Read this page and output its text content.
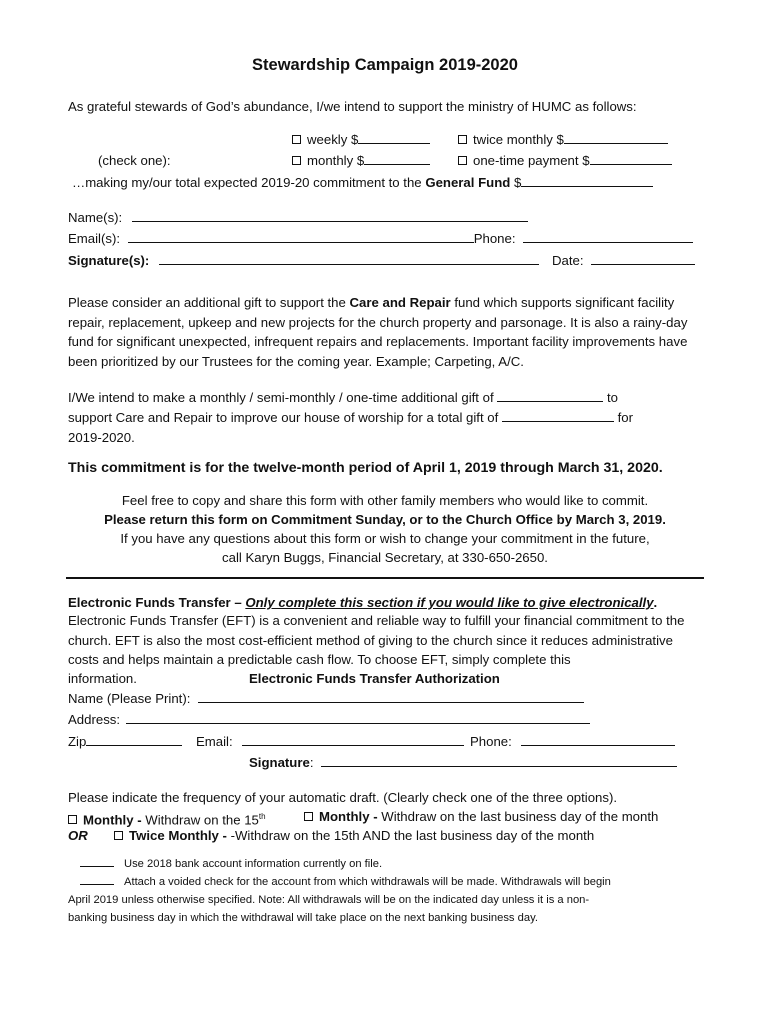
Stewardship Campaign 2019-2020
As grateful stewards of God’s abundance, I/we intend to support the ministry of HUMC as follows:
weekly $	twice monthly $
(check one):	monthly $	one-time payment $
…making my/our total expected 2019-20 commitment to the General Fund $
Name(s):
Email(s):	Phone:
Signature(s):	Date:
Please consider an additional gift to support the Care and Repair fund which supports significant facility repair, replacement, upkeep and new projects for the church property and parsonage. It is also a rainy-day fund for significant unexpected, infrequent repairs and replacements. Important facility improvements have been prioritized by our Trustees for the coming year. Example; Carpeting, A/C.
I/We intend to make a monthly / semi-monthly / one-time additional gift of	to
support Care and Repair to improve our house of worship for a total gift of	for
2019-2020.
This commitment is for the twelve-month period of April 1, 2019 through March 31, 2020.
Feel free to copy and share this form with other family members who would like to commit.
Please return this form on Commitment Sunday, or to the Church Office by March 3, 2019.
If you have any questions about this form or wish to change your commitment in the future,
call Karyn Buggs, Financial Secretary, at 330-650-2650.
Electronic Funds Transfer – Only complete this section if you would like to give electronically.
Electronic Funds Transfer (EFT) is a convenient and reliable way to fulfill your financial commitment to the church. EFT is also the most cost-efficient method of giving to the church since it reduces administrative costs and helps maintain a predictable cash flow. To choose EFT, simply complete this
information.	Electronic Funds Transfer Authorization
Name (Please Print):
Address:
Zip	Email:	Phone:
Signature:
Please indicate the frequency of your automatic draft. (Clearly check one of the three options).
Monthly - Withdraw on the 15th	Monthly - Withdraw on the last business day of the month
OR	Twice Monthly - -Withdraw on the 15th AND the last business day of the month
Use 2018 bank account information currently on file.
Attach a voided check for the account from which withdrawals will be made. Withdrawals will begin
April 2019 unless otherwise specified. Note: All withdrawals will be on the indicated day unless it is a non-
banking business day in which the withdrawal will take place on the next banking business day.
